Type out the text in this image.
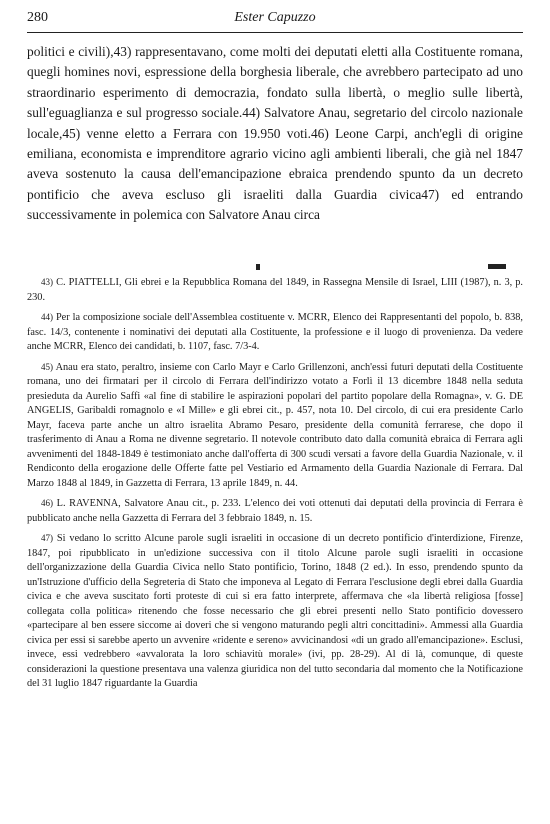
280	Ester Capuzzo

politici e civili),43) rappresentavano, come molti dei deputati eletti alla Costituente romana, quegli homines novi, espressione della borghesia liberale, che avrebbero partecipato ad uno straordinario esperimento di democrazia, fondato sulla libertà, o meglio sulle libertà, sull'eguaglianza e sul progresso sociale.44) Salvatore Anau, segretario del circolo nazionale locale,45) venne eletto a Ferrara con 19.950 voti.46) Leone Carpi, anch'egli di origine emiliana, economista e imprenditore agrario vicino agli ambienti liberali, che già nel 1847 aveva sostenuto la causa dell'emancipazione ebraica prendendo spunto da un decreto pontificio che aveva escluso gli israeliti dalla Guardia civica47) ed entrando successivamente in polemica con Salvatore Anau circa

43) C. PIATTELLI, Gli ebrei e la Repubblica Romana del 1849, in Rassegna Mensile di Israel, LIII (1987), n. 3, p. 230.

44) Per la composizione sociale dell'Assemblea costituente v. MCRR, Elenco dei Rappresentanti del popolo, b. 838, fasc. 14/3, contenente i nominativi dei deputati alla Costituente, la professione e il luogo di provenienza. Da vedere anche MCRR, Elenco dei candidati, b. 1107, fasc. 7/3-4.

45) Anau era stato, peraltro, insieme con Carlo Mayr e Carlo Grillenzoni, anch'essi futuri deputati della Costituente romana, uno dei firmatari per il circolo di Ferrara dell'indirizzo votato a Forlì il 13 dicembre 1848 nella seduta presieduta da Aurelio Saffi «al fine di stabilire le aspirazioni popolari del partito popolare della Romagna», v. G. DE ANGELIS, Garibaldi romagnolo e «I Mille» e gli ebrei cit., p. 457, nota 10. Del circolo, di cui era presidente Carlo Mayr, faceva parte anche un altro israelita Abramo Pesaro, presidente della comunità ferrarese, che dopo il trasferimento di Anau a Roma ne divenne segretario. Il notevole contributo dato dalla comunità ebraica di Ferrara agli avvenimenti del 1848-1849 è testimoniato anche dall'offerta di 300 scudi versati a favore della Guardia Nazionale, v. il Rendiconto della erogazione delle Offerte fatte pel Vestiario ed Armamento della Guardia Nazionale di Ferrara. Dal Marzo 1848 al 1849, in Gazzetta di Ferrara, 13 aprile 1849, n. 44.

46) L. RAVENNA, Salvatore Anau cit., p. 233. L'elenco dei voti ottenuti dai deputati della provincia di Ferrara è pubblicato anche nella Gazzetta di Ferrara del 3 febbraio 1849, n. 15.

47) Si vedano lo scritto Alcune parole sugli israeliti in occasione di un decreto pontificio d'interdizione, Firenze, 1847, poi ripubblicato in un'edizione successiva con il titolo Alcune parole sugli israeliti in occasione dell'organizzazione della Guardia Civica nello Stato pontificio, Torino, 1848 (2 ed.). In esso, prendendo spunto da un'Istruzione d'ufficio della Segreteria di Stato che imponeva al Legato di Ferrara l'esclusione degli ebrei dalla Guardia civica e che aveva suscitato forti proteste di cui si era fatto interprete, affermava che «la libertà religiosa [fosse] collegata colla politica» ritenendo che fosse necessario che gli ebrei presenti nello Stato pontificio dovessero «partecipare al ben essere siccome ai doveri che si vengono maturando pegli altri concittadini». Ammessi alla Guardia civica per essi si sarebbe aperto un avvenire «ridente e sereno» avvicinandosi «di un grado all'emancipazione». Esclusi, invece, essi vedrebbero «avvalorata la loro schiavitù morale» (ivi, pp. 28-29). Al di là, comunque, di queste considerazioni la questione presentava una valenza giuridica non del tutto secondaria dal momento che la Notificazione del 31 luglio 1847 riguardante la Guardia
